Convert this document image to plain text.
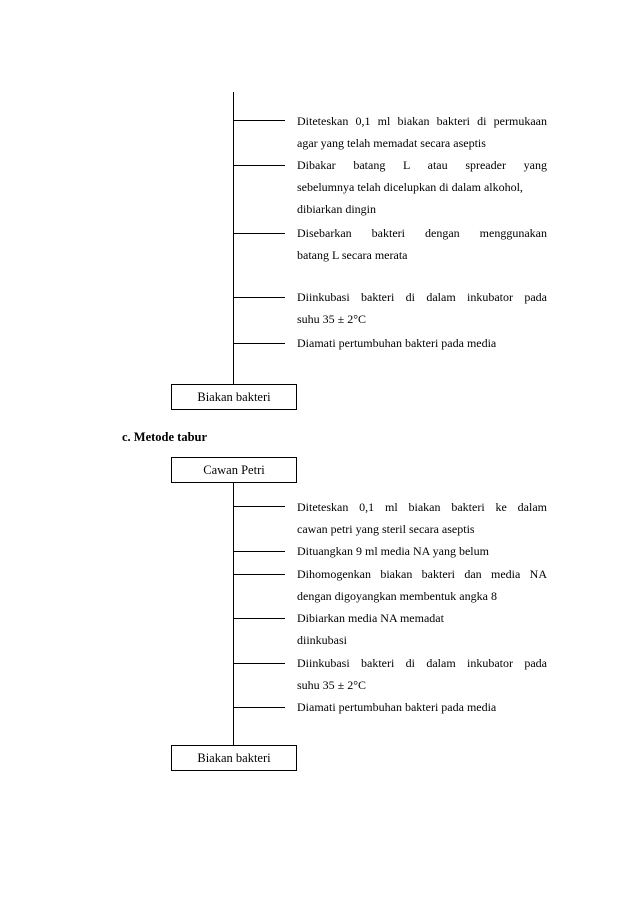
Diteteskan 0,1 ml biakan bakteri di permukaan
agar yang telah memadat secara aseptis
Dibakar batang L atau spreader yang
sebelumnya telah dicelupkan di dalam alkohol,
dibiarkan dingin
Disebarkan bakteri dengan menggunakan
batang L secara merata
Diinkubasi bakteri di dalam inkubator pada
suhu 35 ± 2°C
Diamati pertumbuhan bakteri pada media
Biakan bakteri
c. Metode tabur
Cawan Petri
Diteteskan 0,1 ml biakan bakteri ke dalam
cawan petri yang steril secara aseptis
Dituangkan 9 ml media NA yang belum
Dihomogenkan biakan bakteri dan media NA
dengan digoyangkan membentuk angka 8
Dibiarkan media NA memadat
diinkubasi
Diinkubasi bakteri di dalam inkubator pada
suhu 35 ± 2°C
Diamati pertumbuhan bakteri pada media
Biakan bakteri
